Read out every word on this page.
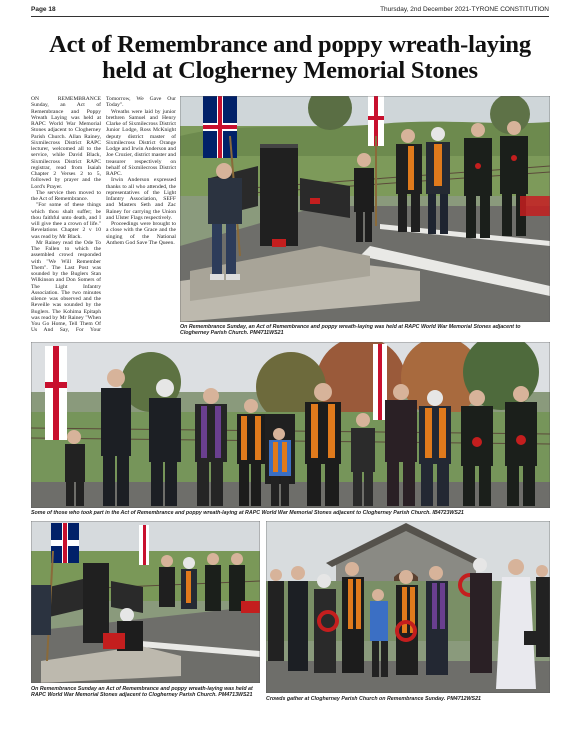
Page 18	Thursday, 2nd December 2021-TYRONE CONSTITUTION
Act of Remembrance and poppy wreath-laying
held at Clogherney Memorial Stones

ON REMEMBRANCE Sunday, an Act of Remembrance and Poppy Wreath Laying was held at RAPC World War Memorial Stones adjacent to Clogherney Parish Church. Allan Rainey, Sixmilecross District RAPC lecturer, welcomed all to the service, while David Black, Sixmilecross District RAPC registrar, read from Isaiah Chapter 2 Verses 2 to 5, followed by prayer and the Lord's Prayer.

The service then moved to the Act of Remembrance.

"For some of these things which thou shalt suffer; be thou faithful unto death, and I will give thee a crown of life." Revelations Chapter 2 v 10 was read by Mr Black.

Mr Rainey read the Ode To The Fallen to which the assembled crowd responded with "We Will Remember Them". The Last Post was sounded by the Buglers Stan Wilkinson and Don Somers of The Light Infantry Association. The two minutes silence was observed and the Reveille was sounded by the Buglers. The Kohima Epitaph was read by Mr Rainey "When You Go Home, Tell Them Of Us And Say, For Your Tomorrow, We Gave Our Today".

Wreaths were laid by junior brethren Samuel and Henry Clarke of Sixmilecross District Junior Lodge, Ross McKnight deputy district master of Sixmilecross District Orange Lodge and Irwin Anderson and Joe Crozier, district master and treasurer respectively on behalf of Sixmilecross District RAPC.

Irwin Anderson expressed thanks to all who attended, the representatives of the Light Infantry Association, SEFF and Masters Seth and Zac Rainey for carrying the Union and Ulster Flags respectively.

Proceedings were brought to a close with the Grace and the singing of the National Anthem God Save The Queen.

On Remembrance Sunday, an Act of Remembrance and poppy wreath-laying was held at RAPC World War Memorial Stones adjacent to Clogherney Parish Church. PM4711WS21
Some of those who took part in the Act of Remembrance and poppy wreath-laying at RAPC World War Memorial Stones adjacent to Clogherney Parish Church. IB4723WS21
On Remembrance Sunday an Act of Remembrance and poppy wreath-laying was held at RAPC World War Memorial Stones adjacent to Clogherney Parish Church. PM4713WS21
Crowds gather at Clogherney Parish Church on Remembrance Sunday. PM4712WS21
